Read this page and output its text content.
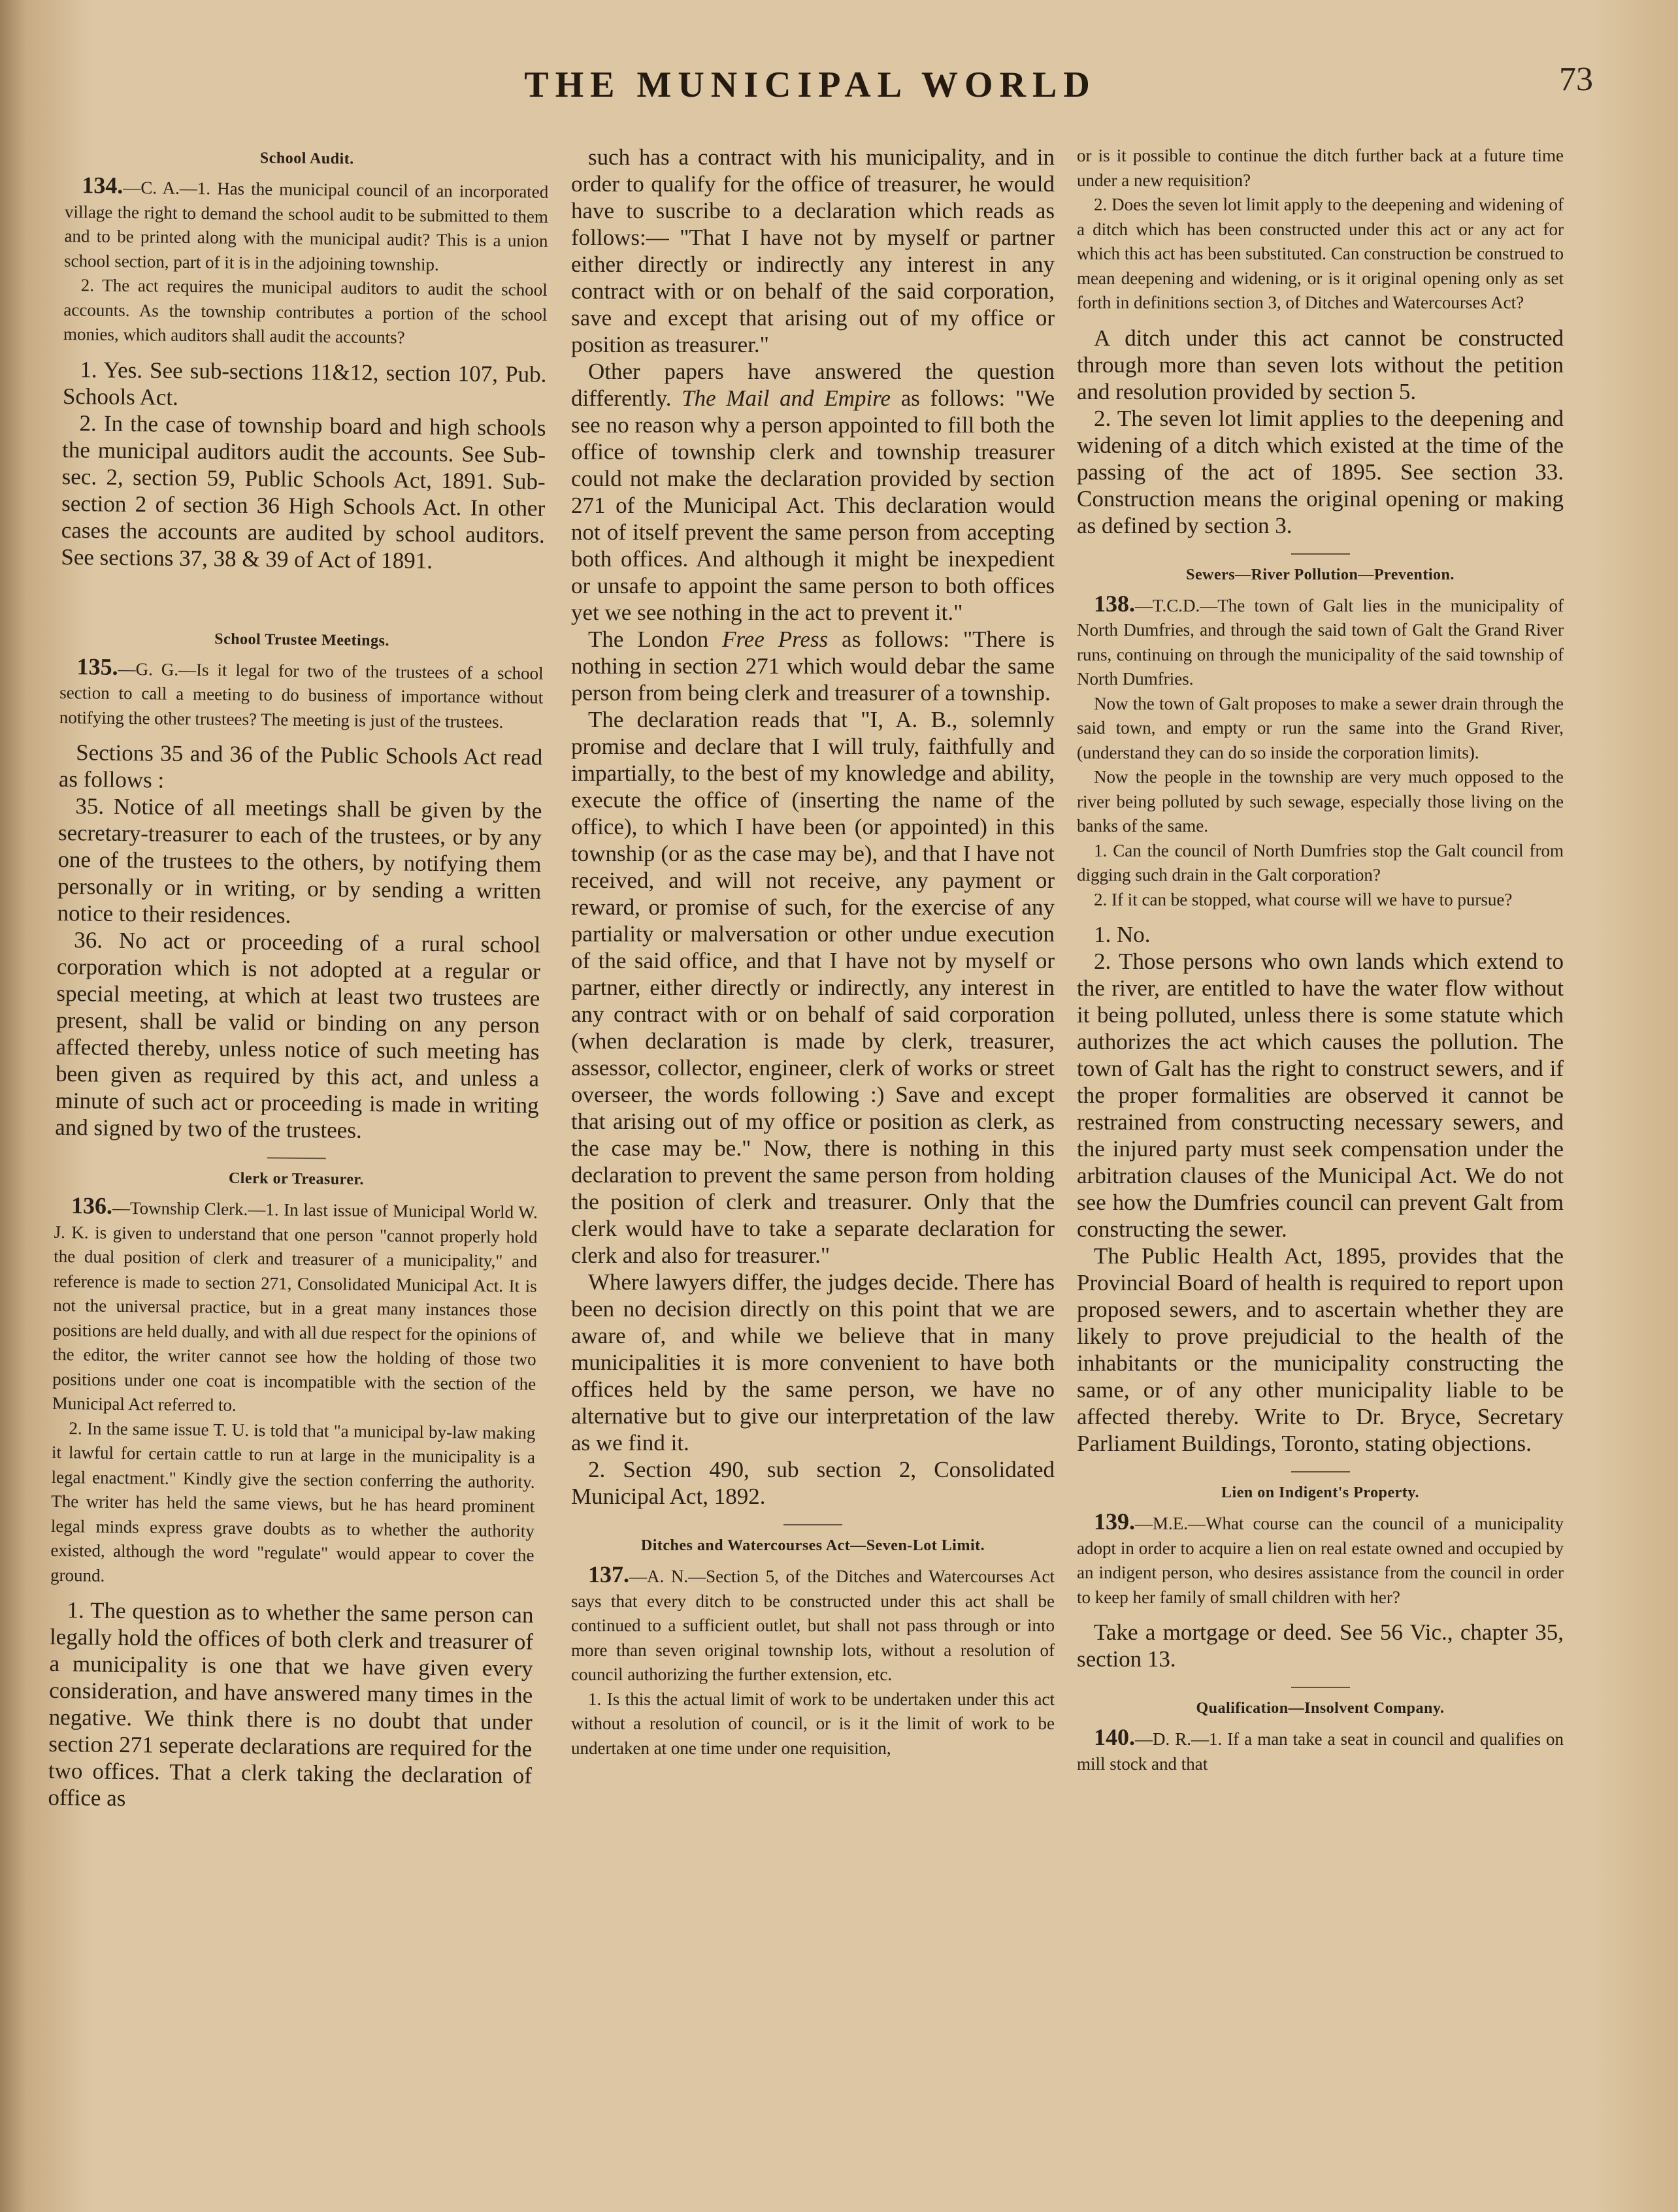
THE MUNICIPAL WORLD	73
School Audit.

134.—C. A.—1. Has the municipal council of an incorporated village the right to demand the school audit to be submitted to them and to be printed along with the municipal audit? This is a union school section, part of it is in the adjoining township.

2. The act requires the municipal auditors to audit the school accounts. As the township contributes a portion of the school monies, which auditors shall audit the accounts?

1. Yes. See sub-sections 11&12, section 107, Pub. Schools Act.

2. In the case of township board and high schools the municipal auditors audit the accounts. See Sub-sec. 2, section 59, Public Schools Act, 1891. Sub-section 2 of section 36 High Schools Act. In other cases the accounts are audited by school auditors. See sections 37, 38 & 39 of Act of 1891.

School Trustee Meetings.

135.—G. G.—Is it legal for two of the trustees of a school section to call a meeting to do business of importance without notifying the other trustees? The meeting is just of the trustees.

Sections 35 and 36 of the Public Schools Act read as follows :

35. Notice of all meetings shall be given by the secretary-treasurer to each of the trustees, or by any one of the trustees to the others, by notifying them personally or in writing, or by sending a written notice to their residences.

36. No act or proceeding of a rural school corporation which is not adopted at a regular or special meeting, at which at least two trustees are present, shall be valid or binding on any person affected thereby, unless notice of such meeting has been given as required by this act, and unless a minute of such act or proceeding is made in writing and signed by two of the trustees.

Clerk or Treasurer.

136.—Township Clerk.—1. In last issue of Municipal World W. J. K. is given to understand that one person "cannot properly hold the dual position of clerk and treasurer of a municipality," and reference is made to section 271, Consolidated Municipal Act. It is not the universal practice, but in a great many instances those positions are held dually, and with all due respect for the opinions of the editor, the writer cannot see how the holding of those two positions under one coat is incompatible with the section of the Municipal Act referred to.

2. In the same issue T. U. is told that "a municipal by-law making it lawful for certain cattle to run at large in the municipality is a legal enactment." Kindly give the section conferring the authority. The writer has held the same views, but he has heard prominent legal minds express grave doubts as to whether the authority existed, although the word "regulate" would appear to cover the ground.

1. The question as to whether the same person can legally hold the offices of both clerk and treasurer of a municipality is one that we have given every consideration, and have answered many times in the negative. We think there is no doubt that under section 271 seperate declarations are required for the two offices. That a clerk taking the declaration of office as

such has a contract with his municipality, and in order to qualify for the office of treasurer, he would have to suscribe to a declaration which reads as follows:— "That I have not by myself or partner either directly or indirectly any interest in any contract with or on behalf of the said corporation, save and except that arising out of my office or position as treasurer."

Other papers have answered the question differently. The Mail and Empire as follows: "We see no reason why a person appointed to fill both the office of township clerk and township treasurer could not make the declaration provided by section 271 of the Municipal Act. This declaration would not of itself prevent the same person from accepting both offices. And although it might be inexpedient or unsafe to appoint the same person to both offices yet we see nothing in the act to prevent it."

The London Free Press as follows: "There is nothing in section 271 which would debar the same person from being clerk and treasurer of a township.

The declaration reads that "I, A. B., solemnly promise and declare that I will truly, faithfully and impartially, to the best of my knowledge and ability, execute the office of (inserting the name of the office), to which I have been (or appointed) in this township (or as the case may be), and that I have not received, and will not receive, any payment or reward, or promise of such, for the exercise of any partiality or malversation or other undue execution of the said office, and that I have not by myself or partner, either directly or indirectly, any interest in any contract with or on behalf of said corporation (when declaration is made by clerk, treasurer, assessor, collector, engineer, clerk of works or street overseer, the words following :) Save and except that arising out of my office or position as clerk, as the case may be." Now, there is nothing in this declaration to prevent the same person from holding the position of clerk and treasurer. Only that the clerk would have to take a separate declaration for clerk and also for treasurer."

Where lawyers differ, the judges decide. There has been no decision directly on this point that we are aware of, and while we believe that in many municipalities it is more convenient to have both offices held by the same person, we have no alternative but to give our interpretation of the law as we find it.

2. Section 490, sub section 2, Consolidated Municipal Act, 1892.

Ditches and Watercourses Act—Seven-Lot Limit.

137.—A. N.—Section 5, of the Ditches and Watercourses Act says that every ditch to be constructed under this act shall be continued to a sufficient outlet, but shall not pass through or into more than seven original township lots, without a resolution of council authorizing the further extension, etc.

1. Is this the actual limit of work to be undertaken under this act without a resolution of council, or is it the limit of work to be undertaken at one time under one requisition,

or is it possible to continue the ditch further back at a future time under a new requisition?

2. Does the seven lot limit apply to the deepening and widening of a ditch which has been constructed under this act or any act for which this act has been substituted. Can construction be construed to mean deepening and widening, or is it original opening only as set forth in definitions section 3, of Ditches and Watercourses Act?

A ditch under this act cannot be constructed through more than seven lots without the petition and resolution provided by section 5.

2. The seven lot limit applies to the deepening and widening of a ditch which existed at the time of the passing of the act of 1895. See section 33. Construction means the original opening or making as defined by section 3.

Sewers—River Pollution—Prevention.

138.—T.C.D.—The town of Galt lies in the municipality of North Dumfries, and through the said town of Galt the Grand River runs, continuing on through the municipality of the said township of North Dumfries.

Now the town of Galt proposes to make a sewer drain through the said town, and empty or run the same into the Grand River, (understand they can do so inside the corporation limits).

Now the people in the township are very much opposed to the river being polluted by such sewage, especially those living on the banks of the same.

1. Can the council of North Dumfries stop the Galt council from digging such drain in the Galt corporation?

2. If it can be stopped, what course will we have to pursue?

1. No.

2. Those persons who own lands which extend to the river, are entitled to have the water flow without it being polluted, unless there is some statute which authorizes the act which causes the pollution. The town of Galt has the right to construct sewers, and if the proper formalities are observed it cannot be restrained from constructing necessary sewers, and the injured party must seek compensation under the arbitration clauses of the Municipal Act. We do not see how the Dumfries council can prevent Galt from constructing the sewer.

The Public Health Act, 1895, provides that the Provincial Board of health is required to report upon proposed sewers, and to ascertain whether they are likely to prove prejudicial to the health of the inhabitants or the municipality constructing the same, or of any other municipality liable to be affected thereby. Write to Dr. Bryce, Secretary Parliament Buildings, Toronto, stating objections.

Lien on Indigent's Property.

139.—M.E.—What course can the council of a municipality adopt in order to acquire a lien on real estate owned and occupied by an indigent person, who desires assistance from the council in order to keep her family of small children with her?

Take a mortgage or deed. See 56 Vic., chapter 35, section 13.

Qualification—Insolvent Company.

140.—D. R.—1. If a man take a seat in council and qualifies on mill stock and that
